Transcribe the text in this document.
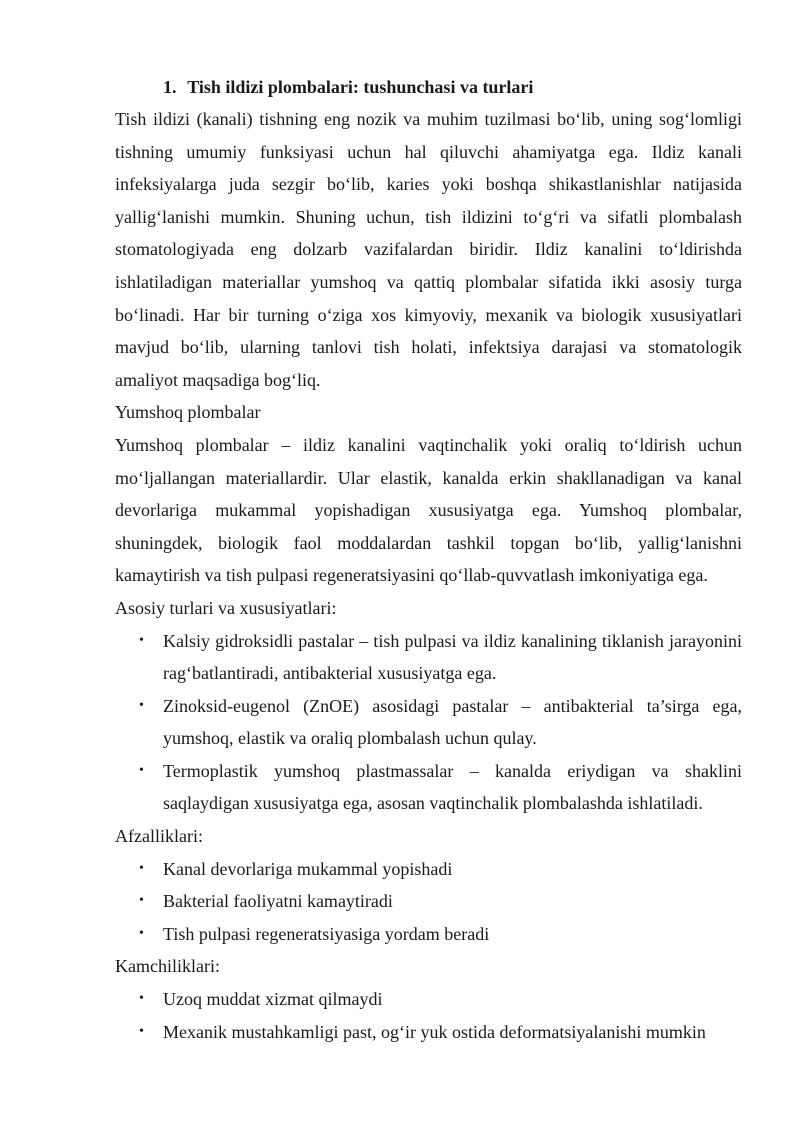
1. Tish ildizi plombalari: tushunchasi va turlari

Tish ildizi (kanali) tishning eng nozik va muhim tuzilmasi bo‘lib, uning sog‘lomligi tishning umumiy funksiyasi uchun hal qiluvchi ahamiyatga ega. Ildiz kanali infeksiyalarga juda sezgir bo‘lib, karies yoki boshqa shikastlanishlar natijasida yallig‘lanishi mumkin. Shuning uchun, tish ildizini to‘g‘ri va sifatli plombalash stomatologiyada eng dolzarb vazifalardan biridir. Ildiz kanalini to‘ldirishda ishlatiladigan materiallar yumshoq va qattiq plombalar sifatida ikki asosiy turga bo‘linadi. Har bir turning o‘ziga xos kimyoviy, mexanik va biologik xususiyatlari mavjud bo‘lib, ularning tanlovi tish holati, infektsiya darajasi va stomatologik amaliyot maqsadiga bog‘liq.

Yumshoq plombalar

Yumshoq plombalar – ildiz kanalini vaqtinchalik yoki oraliq to‘ldirish uchun mo‘ljallangan materiallardir. Ular elastik, kanalda erkin shakllanadigan va kanal devorlariga mukammal yopishadigan xususiyatga ega. Yumshoq plombalar, shuningdek, biologik faol moddalardan tashkil topgan bo‘lib, yallig‘lanishni kamaytirish va tish pulpasi regeneratsiyasini qo‘llab-quvvatlash imkoniyatiga ega.

Asosiy turlari va xususiyatlari:

• Kalsiy gidroksidli pastalar – tish pulpasi va ildiz kanalining tiklanish jarayonini rag‘batlantiradi, antibakterial xususiyatga ega.
• Zinoksid-eugenol (ZnOE) asosidagi pastalar – antibakterial ta’sirga ega, yumshoq, elastik va oraliq plombalash uchun qulay.
• Termoplastik yumshoq plastmassalar – kanalda eriydigan va shaklini saqlaydigan xususiyatga ega, asosan vaqtinchalik plombalashda ishlatiladi.

Afzalliklari:

• Kanal devorlariga mukammal yopishadi
• Bakterial faoliyatni kamaytiradi
• Tish pulpasi regeneratsiyasiga yordam beradi

Kamchiliklari:

• Uzoq muddat xizmat qilmaydi
• Mexanik mustahkamligi past, og‘ir yuk ostida deformatsiyalanishi mumkin
